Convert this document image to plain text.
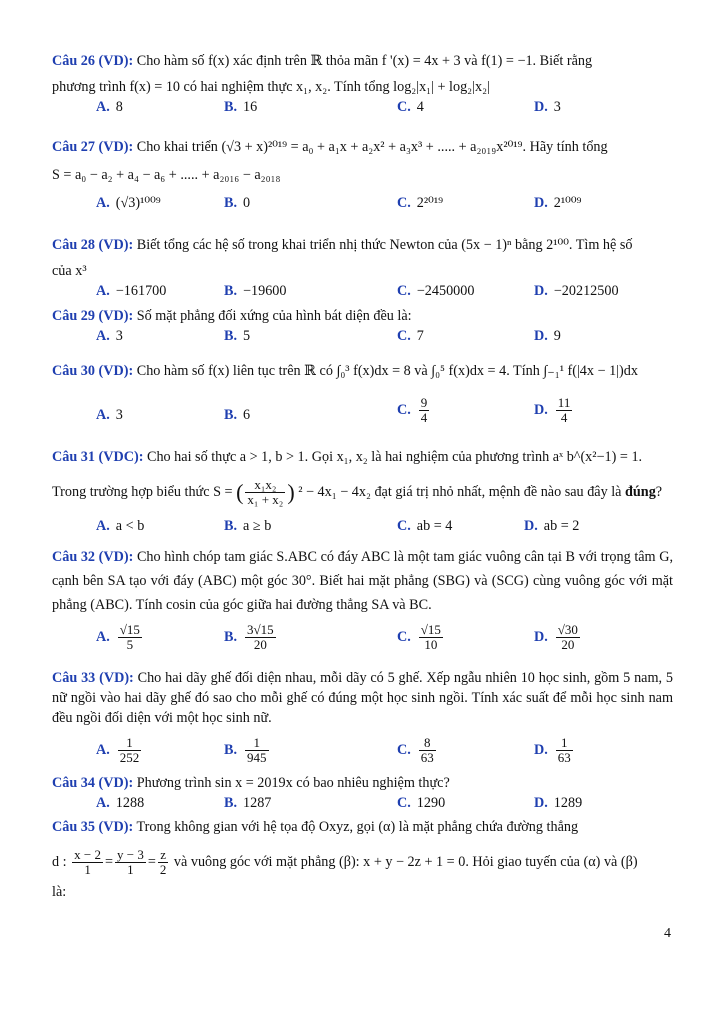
Câu 26 (VD): Cho hàm số f(x) xác định trên ℝ thỏa mãn f '(x) = 4x + 3 và f(1) = −1. Biết rằng
phương trình f(x) = 10 có hai nghiệm thực x₁, x₂. Tính tổng log₂|x₁| + log₂|x₂|
A. 8	B. 16	C. 4	D. 3
Câu 27 (VD): Cho khai triển (√3 + x)²⁰¹⁹ = a₀ + a₁x + a₂x² + a₃x³ + ..... + a₂₀₁₉x²⁰¹⁹. Hãy tính tổng
S = a₀ − a₂ + a₄ − a₆ + ..... + a₂₀₁₆ − a₂₀₁₈
A. (√3)¹⁰⁰⁹	B. 0	C. 2²⁰¹⁹	D. 2¹⁰⁰⁹
Câu 28 (VD): Biết tổng các hệ số trong khai triển nhị thức Newton của (5x − 1)ⁿ bằng 2¹⁰⁰. Tìm hệ số
của x³
A. −161700	B. −19600	C. −2450000	D. −20212500
Câu 29 (VD): Số mặt phẳng đối xứng của hình bát diện đều là:
A. 3	B. 5	C. 7	D. 9
Câu 30 (VD): Cho hàm số f(x) liên tục trên ℝ có ∫₀³ f(x)dx = 8 và ∫₀⁵ f(x)dx = 4. Tính ∫₋₁¹ f(|4x − 1|)dx
A. 3	B. 6	C. $\frac{9}{4}$	D. $\frac{11}{4}$
Câu 31 (VDC): Cho hai số thực a > 1, b > 1. Gọi x₁, x₂ là hai nghiệm của phương trình aˣ b^(x²−1) = 1.
Trong trường hợp biểu thức S = ( $\frac{\text{x₁x₂}}{\text{x₁ + x₂}}$ ) ² − 4x₁ − 4x₂ đạt giá trị nhỏ nhất, mệnh đề nào sau đây là đúng?
A. a < b	B. a ≥ b	C. ab = 4	D. ab = 2
Câu 32 (VD): Cho hình chóp tam giác S.ABC có đáy ABC là một tam giác vuông cân tại B với trọng tâm G, cạnh bên SA tạo với đáy (ABC) một góc 30°. Biết hai mặt phẳng (SBG) và (SCG) cùng vuông góc với mặt phẳng (ABC). Tính cosin của góc giữa hai đường thẳng SA và BC.
A. $\frac{√15}{5}$	B. $\frac{3√15}{20}$	C. $\frac{√15}{10}$	D. $\frac{√30}{20}$
Câu 33 (VD): Cho hai dãy ghế đối diện nhau, mỗi dãy có 5 ghế. Xếp ngẫu nhiên 10 học sinh, gồm 5 nam, 5 nữ ngồi vào hai dãy ghế đó sao cho mỗi ghế có đúng một học sinh ngồi. Tính xác suất để mỗi học sinh nam đều ngồi đối diện với một học sinh nữ.
A. $\frac{1}{252}$	B. $\frac{1}{945}$	C. $\frac{8}{63}$	D. $\frac{1}{63}$
Câu 34 (VD): Phương trình sin x = 2019x có bao nhiêu nghiệm thực?
A. 1288	B. 1287	C. 1290	D. 1289
Câu 35 (VD): Trong không gian với hệ tọa độ Oxyz, gọi (α) là mặt phẳng chứa đường thẳng
d : $\frac{x - 2}{1} = \frac{y - 3}{1} = \frac{z}{2}$ và vuông góc với mặt phẳng (β): x + y − 2z + 1 = 0. Hỏi giao tuyến của (α) và (β)
là:
4
